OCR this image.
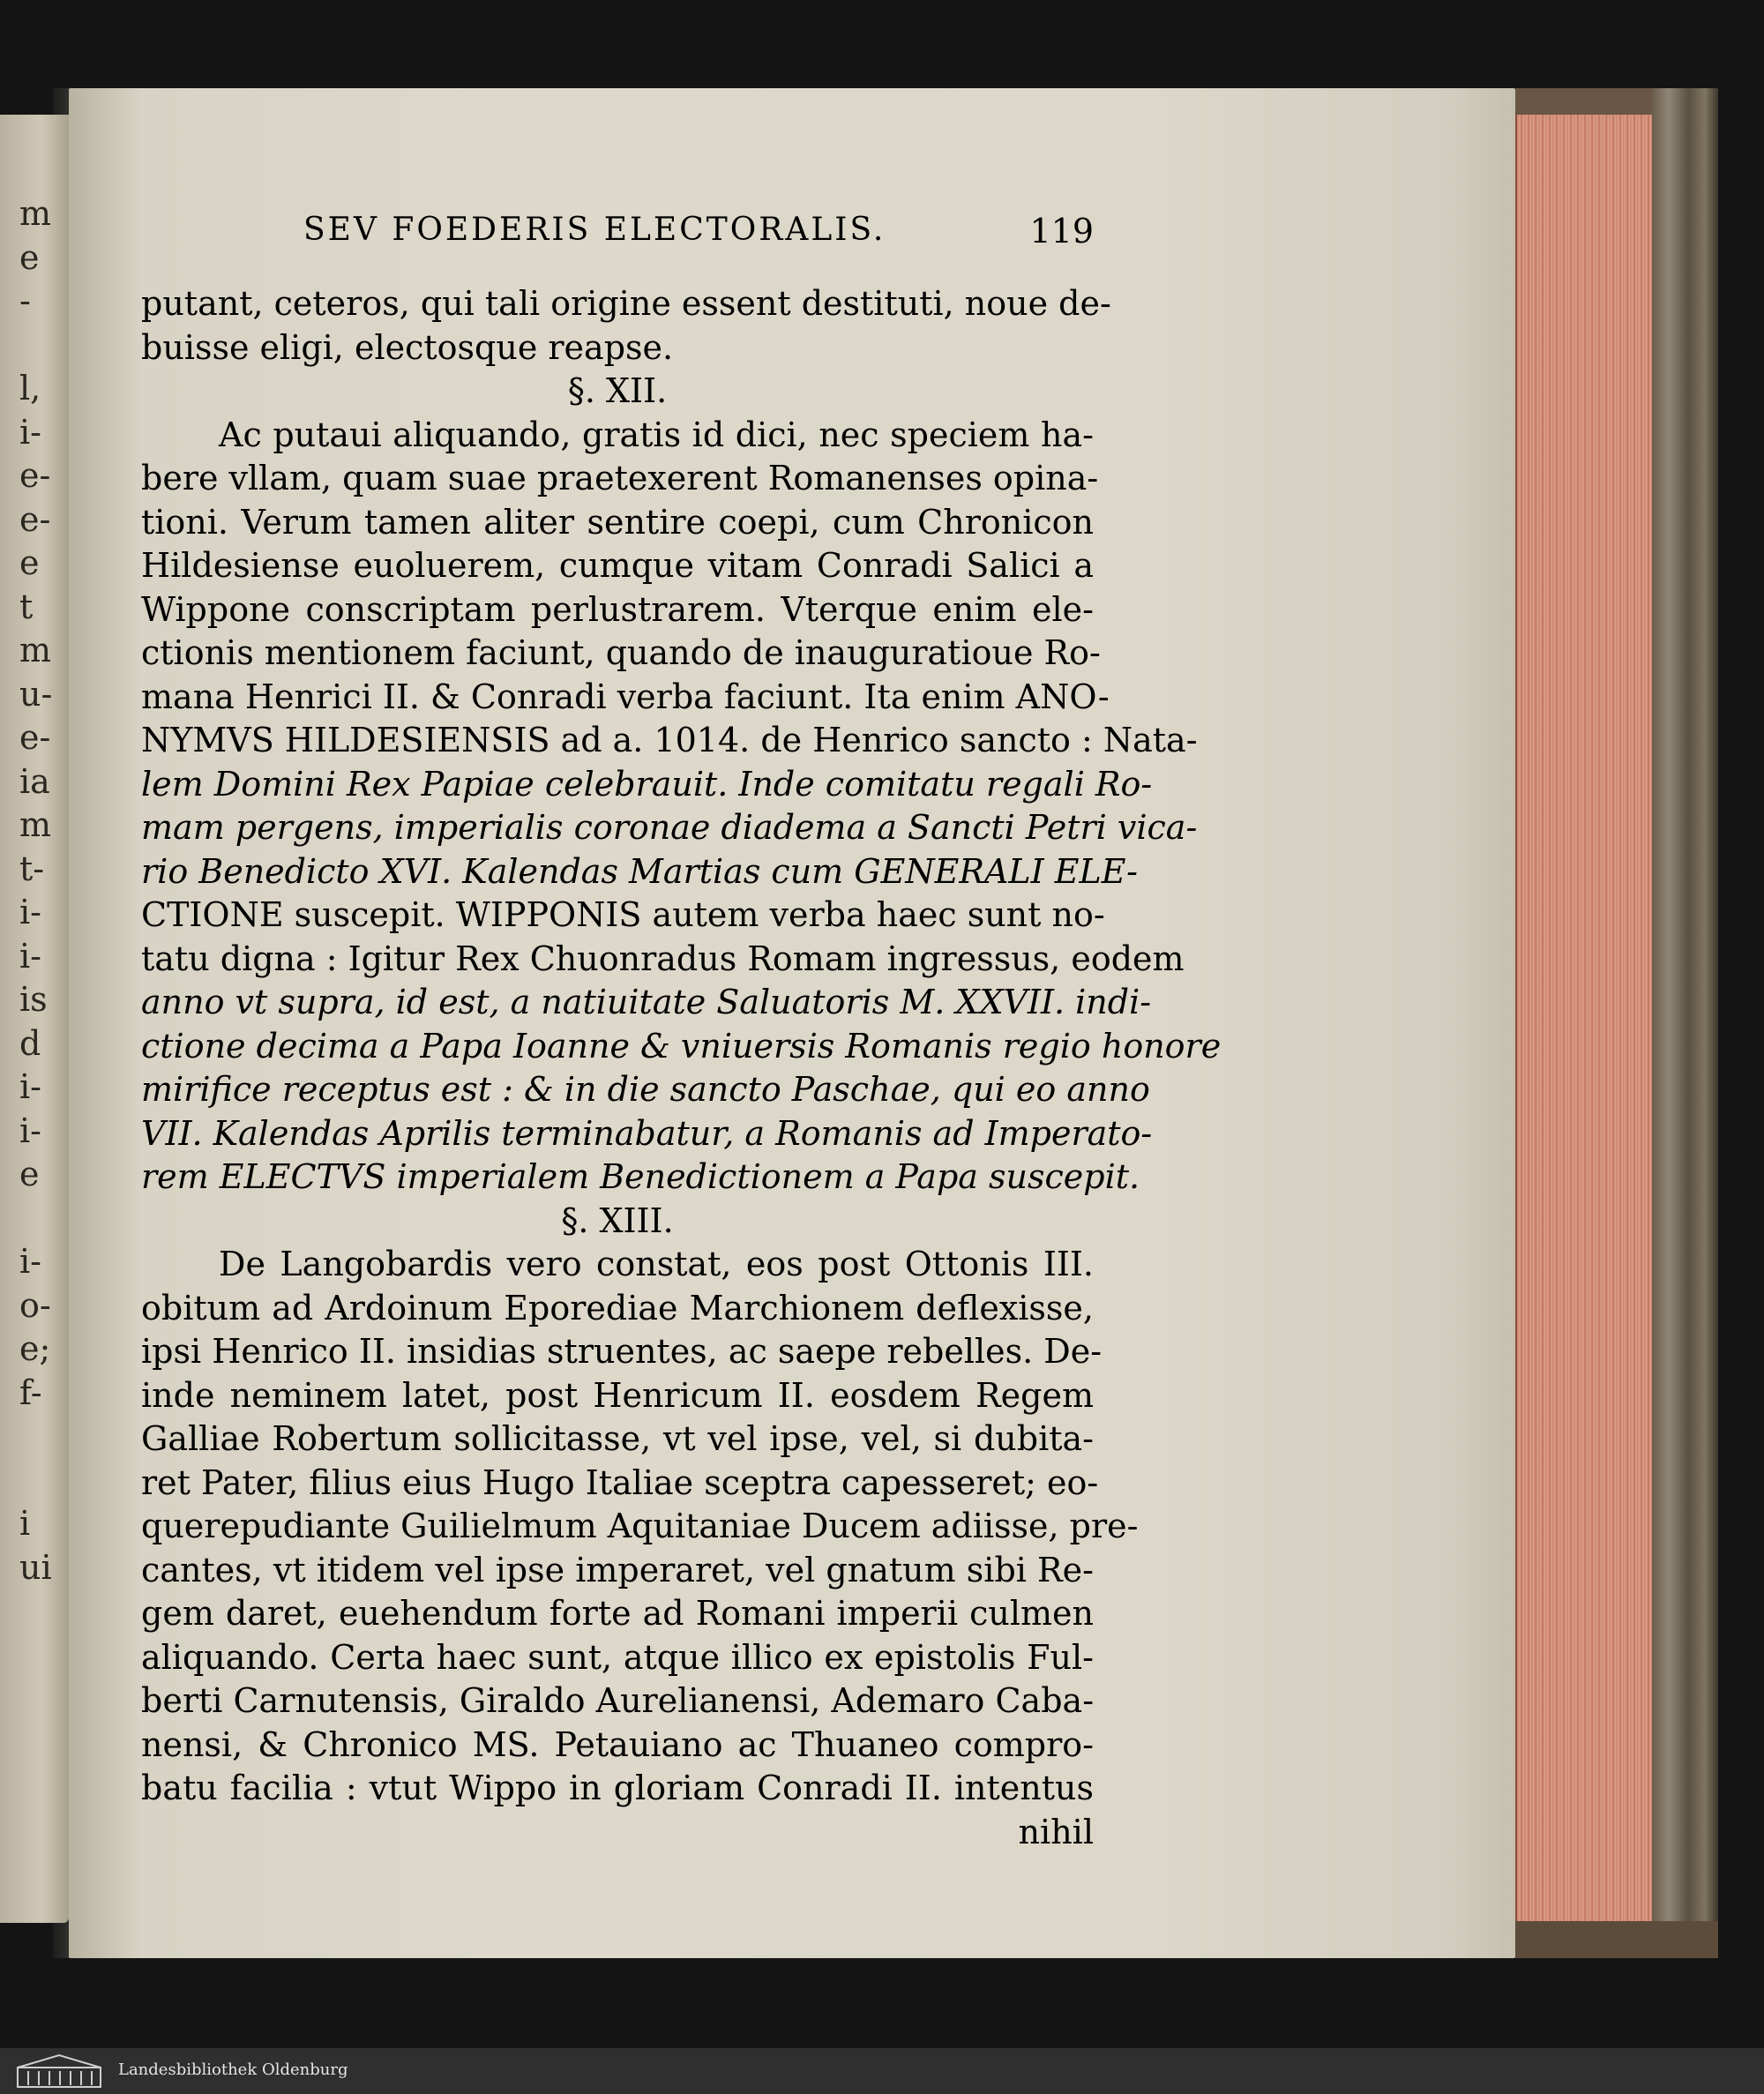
m
e
-
l,
i-
e-
e-
e
t
m
u-
e-
ia
m
t-
i-
i-
is
d
i-
i-
e
i-
o-
e;
f-
i
ui
SEV FOEDERIS ELECTORALIS.	119
putant, ceteros, qui tali origine essent destituti, noue de-
buisse eligi, electosque reapse.
§. XII.
Ac putaui aliquando, gratis id dici, nec speciem ha-
bere vllam, quam suae praetexerent Romanenses opina-
tioni. Verum tamen aliter sentire coepi, cum Chronicon
Hildesiense euoluerem, cumque vitam Conradi Salici a
Wippone conscriptam perlustrarem. Vterque enim ele-
ctionis mentionem faciunt, quando de inauguratioue Ro-
mana Henrici II. & Conradi verba faciunt. Ita enim ANO-
NYMVS HILDESIENSIS ad a. 1014. de Henrico sancto : Nata-
lem Domini Rex Papiae celebrauit. Inde comitatu regali Ro-
mam pergens, imperialis coronae diadema a Sancti Petri vica-
rio Benedicto XVI. Kalendas Martias cum GENERALI ELE-
CTIONE suscepit. WIPPONIS autem verba haec sunt no-
tatu digna : Igitur Rex Chuonradus Romam ingressus, eodem
anno vt supra, id est, a natiuitate Saluatoris M. XXVII. indi-
ctione decima a Papa Ioanne & vniuersis Romanis regio honore
mirifice receptus est : & in die sancto Paschae, qui eo anno
VII. Kalendas Aprilis terminabatur, a Romanis ad Imperato-
rem ELECTVS imperialem Benedictionem a Papa suscepit.
§. XIII.
De Langobardis vero constat, eos post Ottonis III.
obitum ad Ardoinum Eporediae Marchionem deflexisse,
ipsi Henrico II. insidias struentes, ac saepe rebelles. De-
inde neminem latet, post Henricum II. eosdem Regem
Galliae Robertum sollicitasse, vt vel ipse, vel, si dubita-
ret Pater, filius eius Hugo Italiae sceptra capesseret; eo-
querepudiante Guilielmum Aquitaniae Ducem adiisse, pre-
cantes, vt itidem vel ipse imperaret, vel gnatum sibi Re-
gem daret, euehendum forte ad Romani imperii culmen
aliquando. Certa haec sunt, atque illico ex epistolis Ful-
berti Carnutensis, Giraldo Aurelianensi, Ademaro Caba-
nensi, & Chronico MS. Petauiano ac Thuaneo compro-
batu facilia : vtut Wippo in gloriam Conradi II. intentus
nihil
Landesbibliothek Oldenburg
